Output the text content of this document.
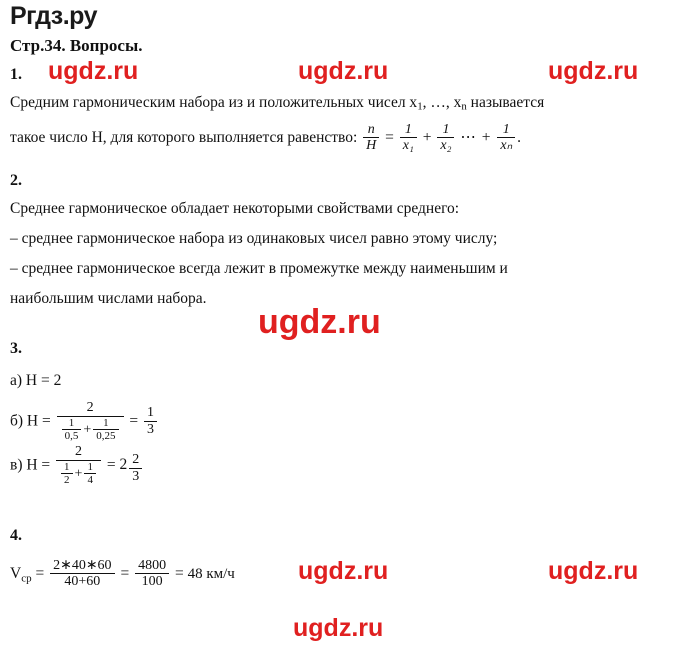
Ргдз.ру
ugdz.ru	ugdz.ru	ugdz.ru
ugdz.ru
ugdz.ru	ugdz.ru
ugdz.ru
Стр.34. Вопросы.
1.
Средним гармоническим набора из и положительных чисел $x_1$, …, $x_n$ называется
такое число Н, для которого выполняется равенство: $\frac{n}{H} = \frac{1}{\text{x₁}} + \frac{1}{\text{x₂}}$ ⋯ + $\frac{1}{\text{xₙ}}$ .
2.
Среднее гармоническое обладает некоторыми свойствами среднего:
– среднее гармоническое набора из одинаковых чисел равно этому числу;
– среднее гармоническое всегда лежит в промежутке между наименьшим и
наибольшим числами набора.
3.
а) Н = 2
б) Н =
2
$\frac{1}{0,5} + \frac{1}{0,25} = \frac{1}{3}$
в) Н =
2
$\frac{1}{2} + \frac{1}{4} = 2 \frac{2}{3}$
4.
$V_{ср} = \frac{2∗40∗60}{40+60} = \frac{4800}{100} = 48$ км/ч
